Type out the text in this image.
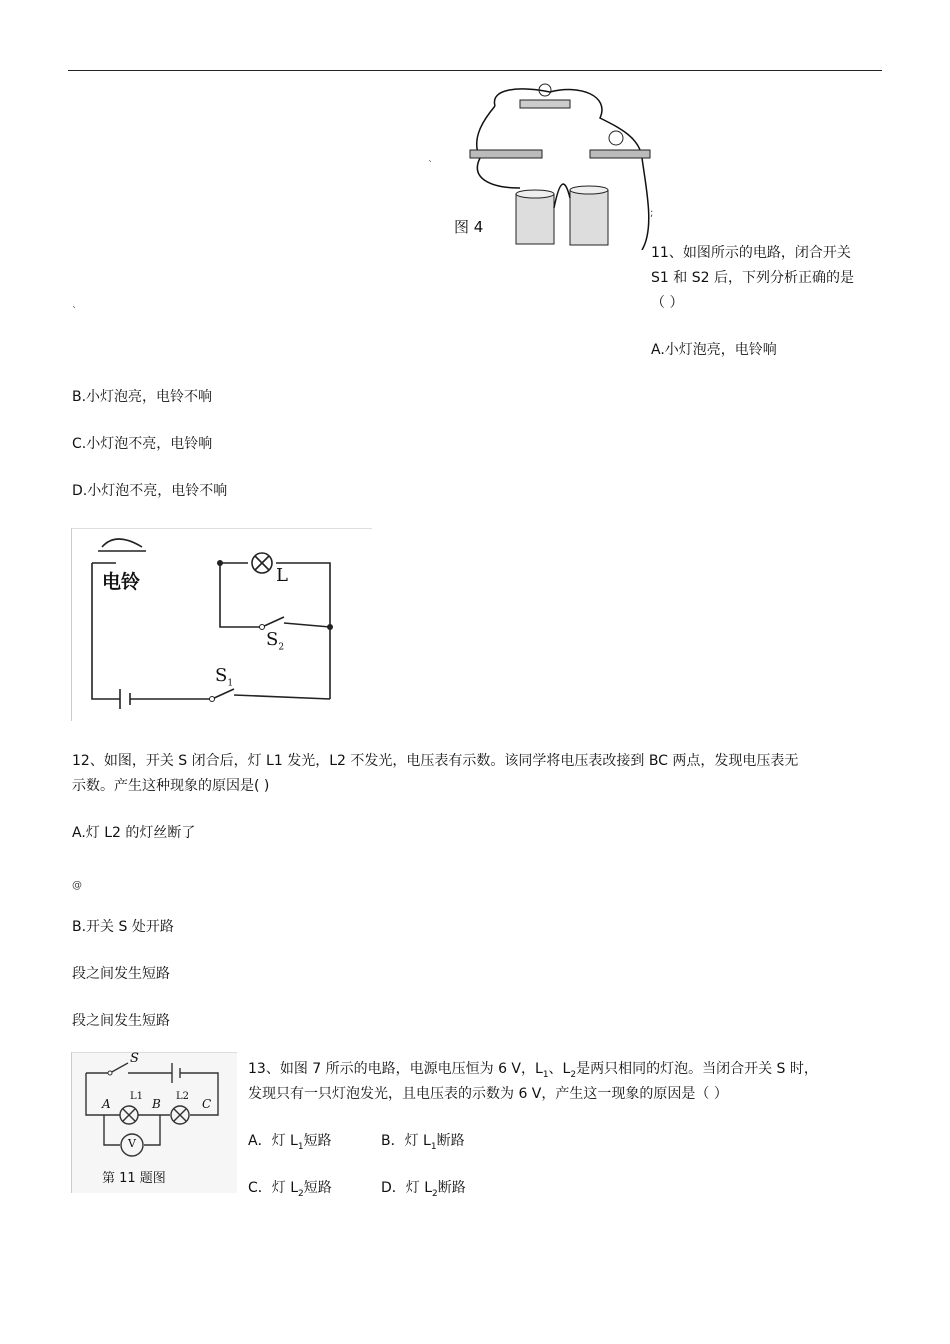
图 4
`
;
`
11、如图所示的电路，闭合开关
S1 和 S2 后，下列分析正确的是
（ ）
A.小灯泡亮，电铃响
B.小灯泡亮，电铃不响
C.小灯泡不亮，电铃响
D.小灯泡不亮，电铃不响
电铃	L
$S_2$
$S_1$
12、如图，开关 S 闭合后，灯 L1 发光，L2 不发光，电压表有示数。该同学将电压表改接到 BC 两点，发现电压表无
示数。产生这种现象的原因是( )
A.灯 L2 的灯丝断了
@
B.开关 S 处开路
段之间发生短路
段之间发生短路
S
A
L1
B
L2
C
V
第 11 题图
13、如图 7 所示的电路，电源电压恒为 6 V，$L_1$、$L_2$是两只相同的灯泡。当闭合开关 S 时，
发现只有一只灯泡发光，且电压表的示数为 6 V，产生这一现象的原因是（ ）
A．灯 $L_1$短路	B．灯 $L_1$断路
C．灯 $L_2$短路	D．灯 $L_2$断路
